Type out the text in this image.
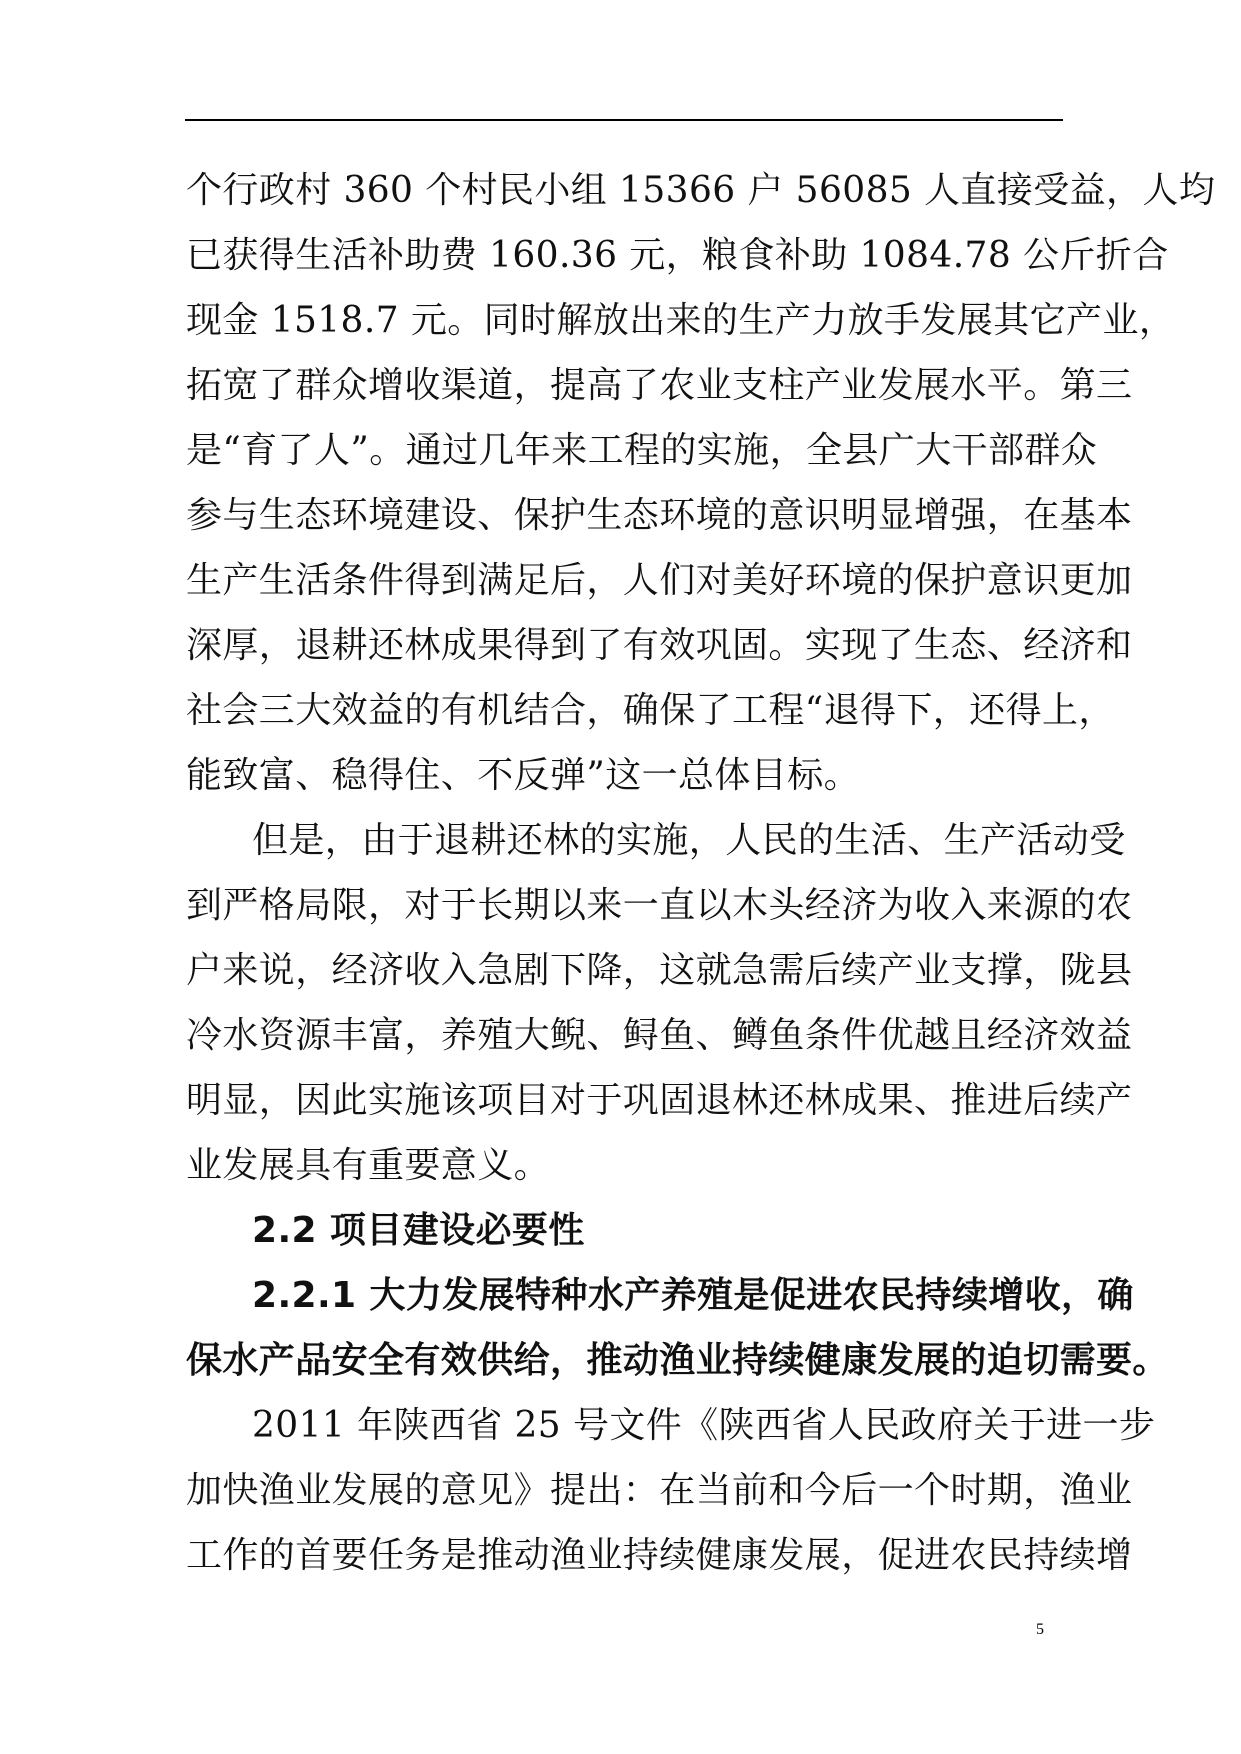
个行政村 360 个村民小组 15366 户 56085 人直接受益，人均
已获得生活补助费 160.36 元，粮食补助 1084.78 公斤折合
现金 1518.7 元。同时解放出来的生产力放手发展其它产业，
拓宽了群众增收渠道，提高了农业支柱产业发展水平。第三
是“育了人”。通过几年来工程的实施，全县广大干部群众
参与生态环境建设、保护生态环境的意识明显增强，在基本
生产生活条件得到满足后，人们对美好环境的保护意识更加
深厚，退耕还林成果得到了有效巩固。实现了生态、经济和
社会三大效益的有机结合，确保了工程“退得下，还得上，
能致富、稳得住、不反弹”这一总体目标。
但是，由于退耕还林的实施，人民的生活、生产活动受
到严格局限，对于长期以来一直以木头经济为收入来源的农
户来说，经济收入急剧下降，这就急需后续产业支撑，陇县
冷水资源丰富，养殖大鲵、鲟鱼、鳟鱼条件优越且经济效益
明显，因此实施该项目对于巩固退林还林成果、推进后续产
业发展具有重要意义。
2.2 项目建设必要性
2.2.1 大力发展特种水产养殖是促进农民持续增收，确
保水产品安全有效供给，推动渔业持续健康发展的迫切需要。
2011 年陕西省 25 号文件《陕西省人民政府关于进一步
加快渔业发展的意见》提出：在当前和今后一个时期，渔业
工作的首要任务是推动渔业持续健康发展，促进农民持续增
5
